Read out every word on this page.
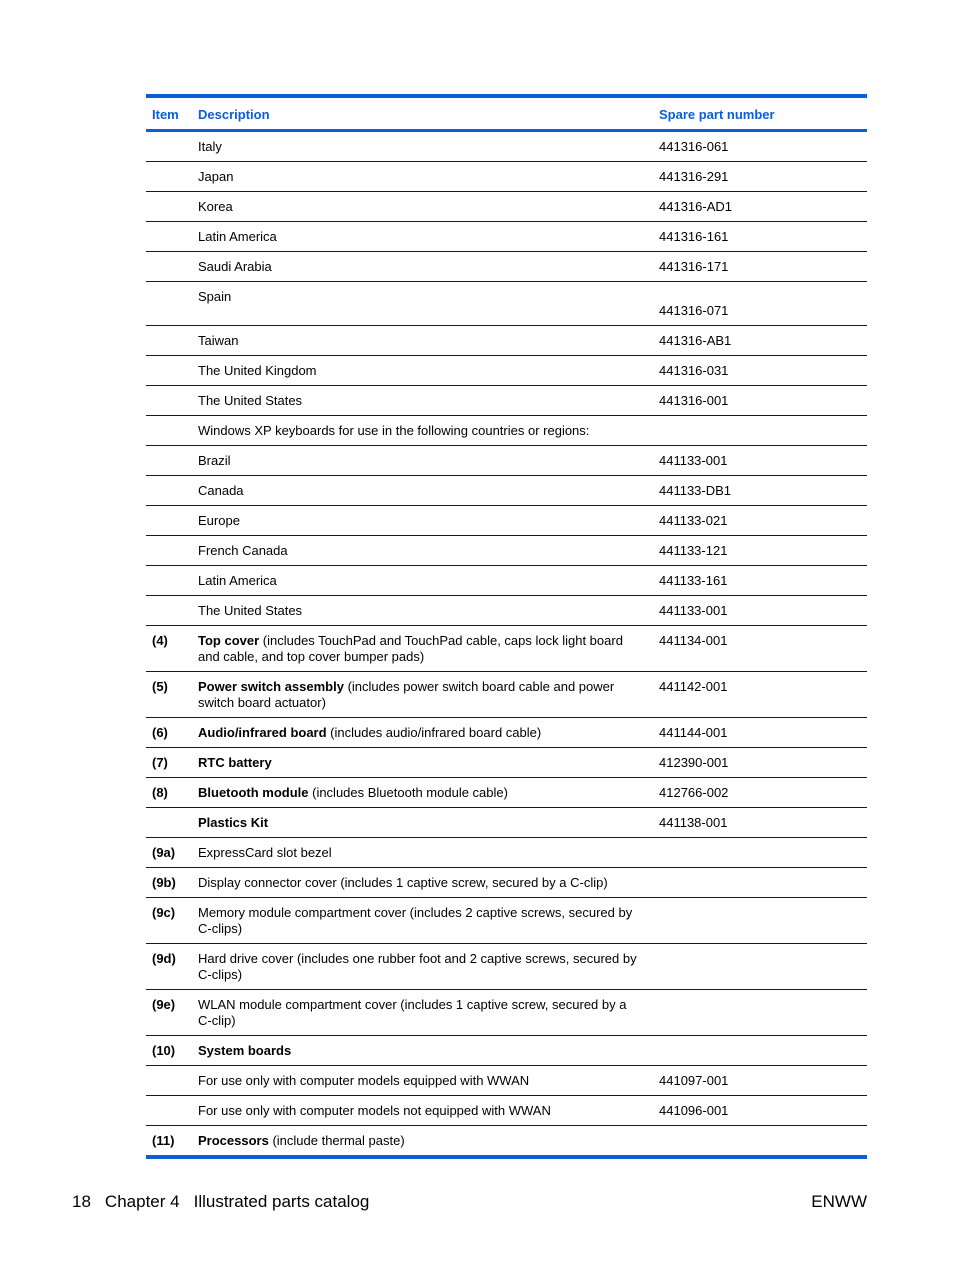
Item	Description	Spare part number
	Italy	441316-061
	Japan	441316-291
	Korea	441316-AD1
	Latin America	441316-161
	Saudi Arabia	441316-171
	Spain	441316-071
	Taiwan	441316-AB1
	The United Kingdom	441316-031
	The United States	441316-001
	Windows XP keyboards for use in the following countries or regions:	
	Brazil	441133-001
	Canada	441133-DB1
	Europe	441133-021
	French Canada	441133-121
	Latin America	441133-161
	The United States	441133-001
(4)	Top cover (includes TouchPad and TouchPad cable, caps lock light board and cable, and top cover bumper pads)	441134-001
(5)	Power switch assembly (includes power switch board cable and power switch board actuator)	441142-001
(6)	Audio/infrared board (includes audio/infrared board cable)	441144-001
(7)	RTC battery	412390-001
(8)	Bluetooth module (includes Bluetooth module cable)	412766-002
	Plastics Kit	441138-001
(9a)	ExpressCard slot bezel	
(9b)	Display connector cover (includes 1 captive screw, secured by a C-clip)	
(9c)	Memory module compartment cover (includes 2 captive screws, secured by C-clips)	
(9d)	Hard drive cover (includes one rubber foot and 2 captive screws, secured by C-clips)	
(9e)	WLAN module compartment cover (includes 1 captive screw, secured by a C-clip)	
(10)	System boards	
	For use only with computer models equipped with WWAN	441097-001
	For use only with computer models not equipped with WWAN	441096-001
(11)	Processors (include thermal paste)	
18 Chapter 4 Illustrated parts catalog	ENWW
